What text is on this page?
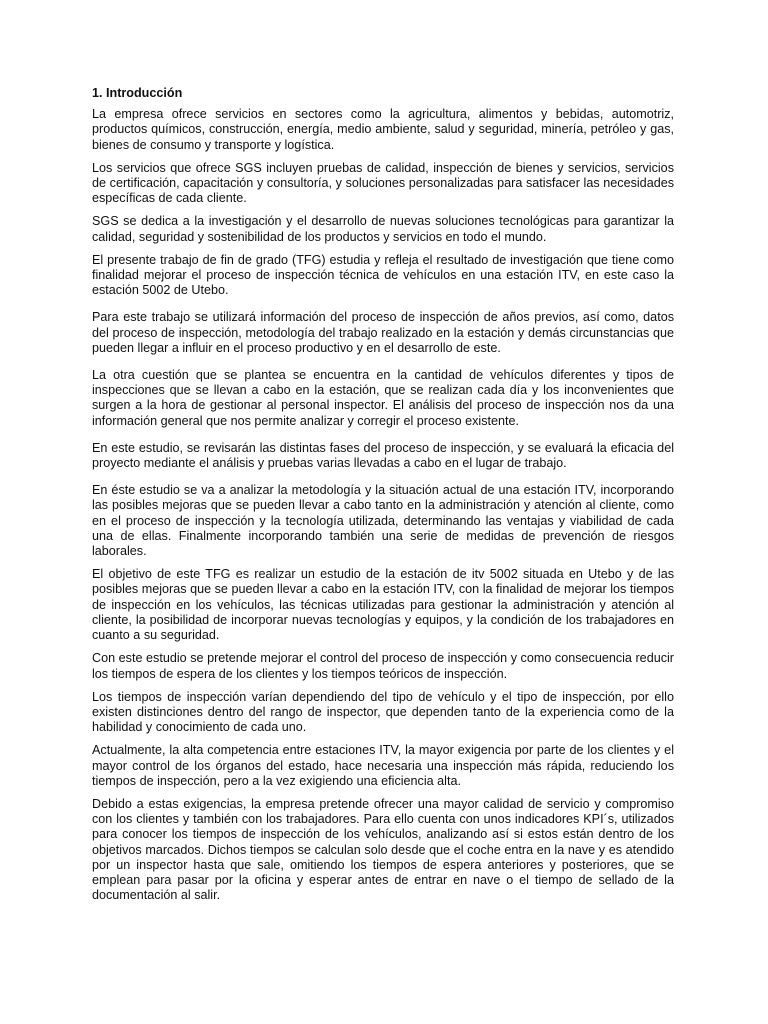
1. Introducción

La empresa ofrece servicios en sectores como la agricultura, alimentos y bebidas, automotriz, productos químicos, construcción, energía, medio ambiente, salud y seguridad, minería, petróleo y gas, bienes de consumo y transporte y logística.

Los servicios que ofrece SGS incluyen pruebas de calidad, inspección de bienes y servicios, servicios de certificación, capacitación y consultoría, y soluciones personalizadas para satisfacer las necesidades específicas de cada cliente.

SGS se dedica a la investigación y el desarrollo de nuevas soluciones tecnológicas para garantizar la calidad, seguridad y sostenibilidad de los productos y servicios en todo el mundo.

El presente trabajo de fin de grado (TFG) estudia y refleja el resultado de investigación que tiene como finalidad mejorar el proceso de inspección técnica de vehículos en una estación ITV, en este caso la estación 5002 de Utebo.

Para este trabajo se utilizará información del proceso de inspección de años previos, así como, datos del proceso de inspección, metodología del trabajo realizado en la estación y demás circunstancias que pueden llegar a influir en el proceso productivo y en el desarrollo de este.

La otra cuestión que se plantea se encuentra en la cantidad de vehículos diferentes y tipos de inspecciones que se llevan a cabo en la estación, que se realizan cada día y los inconvenientes que surgen a la hora de gestionar al personal inspector. El análisis del proceso de inspección nos da una información general que nos permite analizar y corregir el proceso existente.

En este estudio, se revisarán las distintas fases del proceso de inspección, y se evaluará la eficacia del proyecto mediante el análisis y pruebas varias llevadas a cabo en el lugar de trabajo.

En éste estudio se va a analizar la metodología y la situación actual de una estación ITV, incorporando las posibles mejoras que se pueden llevar a cabo tanto en la administración y atención al cliente, como en el proceso de inspección y la tecnología utilizada, determinando las ventajas y viabilidad de cada una de ellas. Finalmente incorporando también una serie de medidas de prevención de riesgos laborales.

El objetivo de este TFG es realizar un estudio de la estación de itv 5002 situada en Utebo y de las posibles mejoras que se pueden llevar a cabo en la estación ITV, con la finalidad de mejorar los tiempos de inspección en los vehículos, las técnicas utilizadas para gestionar la administración y atención al cliente, la posibilidad de incorporar nuevas tecnologías y equipos, y la condición de los trabajadores en cuanto a su seguridad.

Con este estudio se pretende mejorar el control del proceso de inspección y como consecuencia reducir los tiempos de espera de los clientes y los tiempos teóricos de inspección.

Los tiempos de inspección varían dependiendo del tipo de vehículo y el tipo de inspección, por ello existen distinciones dentro del rango de inspector, que dependen tanto de la experiencia como de la habilidad y conocimiento de cada uno.

Actualmente, la alta competencia entre estaciones ITV, la mayor exigencia por parte de los clientes y el mayor control de los órganos del estado, hace necesaria una inspección más rápida, reduciendo los tiempos de inspección, pero a la vez exigiendo una eficiencia alta.

Debido a estas exigencias, la empresa pretende ofrecer una mayor calidad de servicio y compromiso con los clientes y también con los trabajadores. Para ello cuenta con unos indicadores KPI´s, utilizados para conocer los tiempos de inspección de los vehículos, analizando así si estos están dentro de los objetivos marcados. Dichos tiempos se calculan solo desde que el coche entra en la nave y es atendido por un inspector hasta que sale, omitiendo los tiempos de espera anteriores y posteriores, que se emplean para pasar por la oficina y esperar antes de entrar en nave o el tiempo de sellado de la documentación al salir.
